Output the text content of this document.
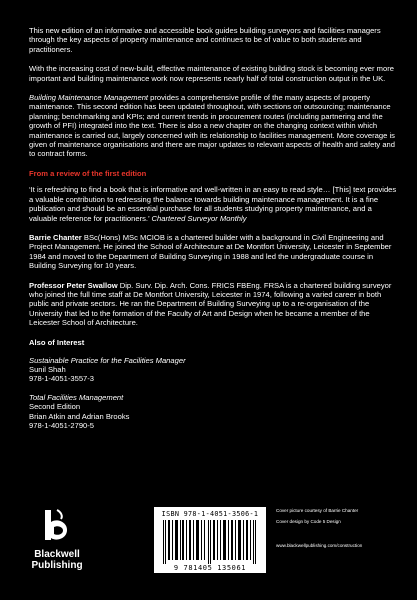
This new edition of an informative and accessible book guides building surveyors and facilities managers through the key aspects of property maintenance and continues to be of value to both students and practitioners.

With the increasing cost of new-build, effective maintenance of existing building stock is becoming ever more important and building maintenance work now represents nearly half of total construction output in the UK.

Building Maintenance Management provides a comprehensive profile of the many aspects of property maintenance. This second edition has been updated throughout, with sections on outsourcing; maintenance planning; benchmarking and KPIs; and current trends in procurement routes (including partnering and the growth of PFI) integrated into the text. There is also a new chapter on the changing context within which maintenance is carried out, largely concerned with its relationship to facilities management. More coverage is given of maintenance organisations and there are major updates to relevant aspects of health and safety and to contract forms.

From a review of the first edition

‘It is refreshing to find a book that is informative and well-written in an easy to read style… [This] text provides a valuable contribution to redressing the balance towards building maintenance management. It is a fine publication and should be an essential purchase for all students studying property maintenance, and a valuable reference for practitioners.’ Chartered Surveyor Monthly

Barrie Chanter BSc(Hons) MSc MCIOB is a chartered builder with a background in Civil Engineering and Project Management. He joined the School of Architecture at De Montfort University, Leicester in September 1984 and moved to the Department of Building Surveying in 1988 and led the undergraduate course in Building Surveying for 10 years.

Professor Peter Swallow Dip. Surv. Dip. Arch. Cons. FRICS FBEng. FRSA is a chartered building surveyor who joined the full time staff at De Montfort University, Leicester in 1974, following a varied career in both public and private sectors. He ran the Department of Building Surveying up to a re-organisation of the University that led to the formation of the Faculty of Art and Design when he became a member of the Leicester School of Architecture.

Also of Interest
Sustainable Practice for the Facilities Manager
Sunil Shah
978-1-4051-3557-3
Total Facilities Management
Second Edition
Brian Atkin and Adrian Brooks
978-1-4051-2790-5
Blackwell
Publishing
ISBN 978-1-4051-3506-1
9 781405 135061
Cover picture courtesy of Barrie Chanter
Cover design by Code 5 Design
www.blackwellpublishing.com/construction
